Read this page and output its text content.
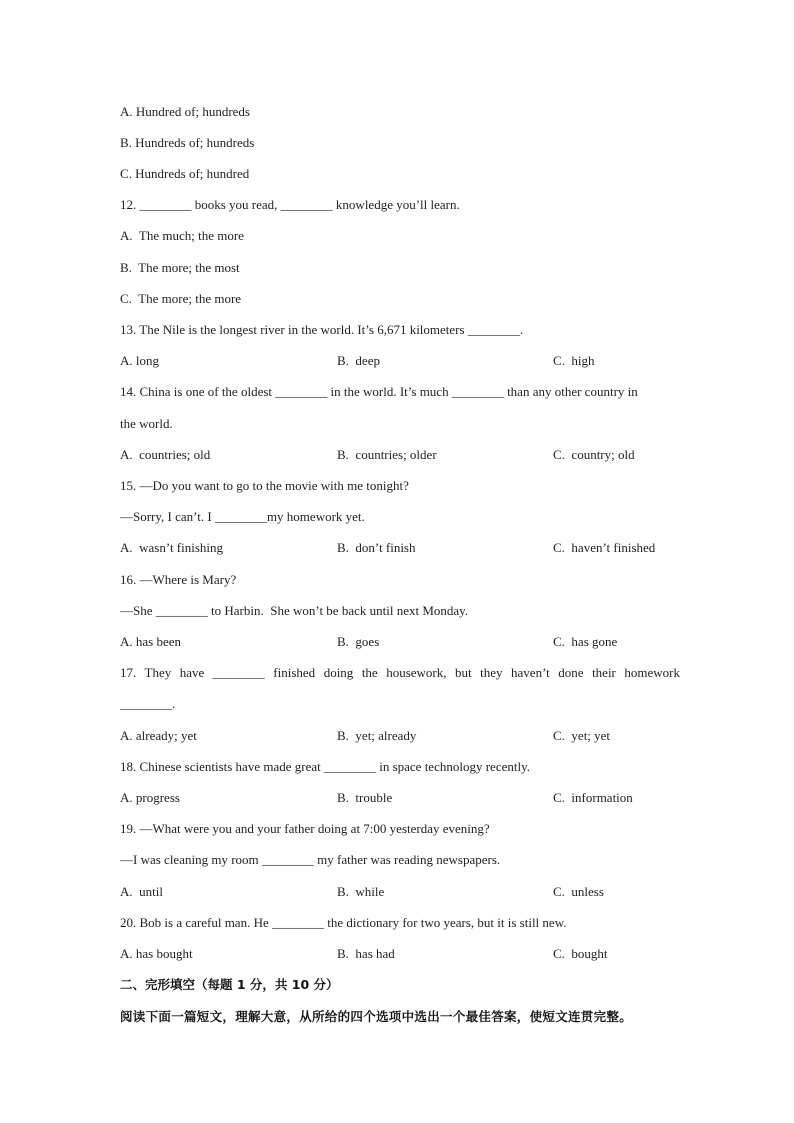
A. Hundred of; hundreds
B. Hundreds of; hundreds
C. Hundreds of; hundred
12. ________ books you read, ________ knowledge you’ll learn.
A.  The much; the more
B.  The more; the most
C.  The more; the more
13. The Nile is the longest river in the world. It’s 6,671 kilometers ________.
A. long	B.  deep	C.  high
14. China is one of the oldest ________ in the world. It’s much ________ than any other country in
the world.
A.  countries; old	B.  countries; older	C.  country; old
15. —Do you want to go to the movie with me tonight?
—Sorry, I can’t. I ________my homework yet.
A.  wasn’t finishing	B.  don’t finish	C.  haven’t finished
16. —Where is Mary?
—She ________ to Harbin.  She won’t be back until next Monday.
A. has been	B.  goes	C.  has gone
17. They have ________ finished doing the housework, but they haven’t done their homework
________.
A. already; yet	B.  yet; already	C.  yet; yet
18. Chinese scientists have made great ________ in space technology recently.
A. progress	B.  trouble	C.  information
19. —What were you and your father doing at 7:00 yesterday evening?
—I was cleaning my room ________ my father was reading newspapers.
A.  until	B.  while	C.  unless
20. Bob is a careful man. He ________ the dictionary for two years, but it is still new.
A. has bought	B.  has had	C.  bought
二、完形填空（每题 1 分，共 10 分）
阅读下面一篇短文，理解大意，从所给的四个选项中选出一个最佳答案，使短文连贯完整。
